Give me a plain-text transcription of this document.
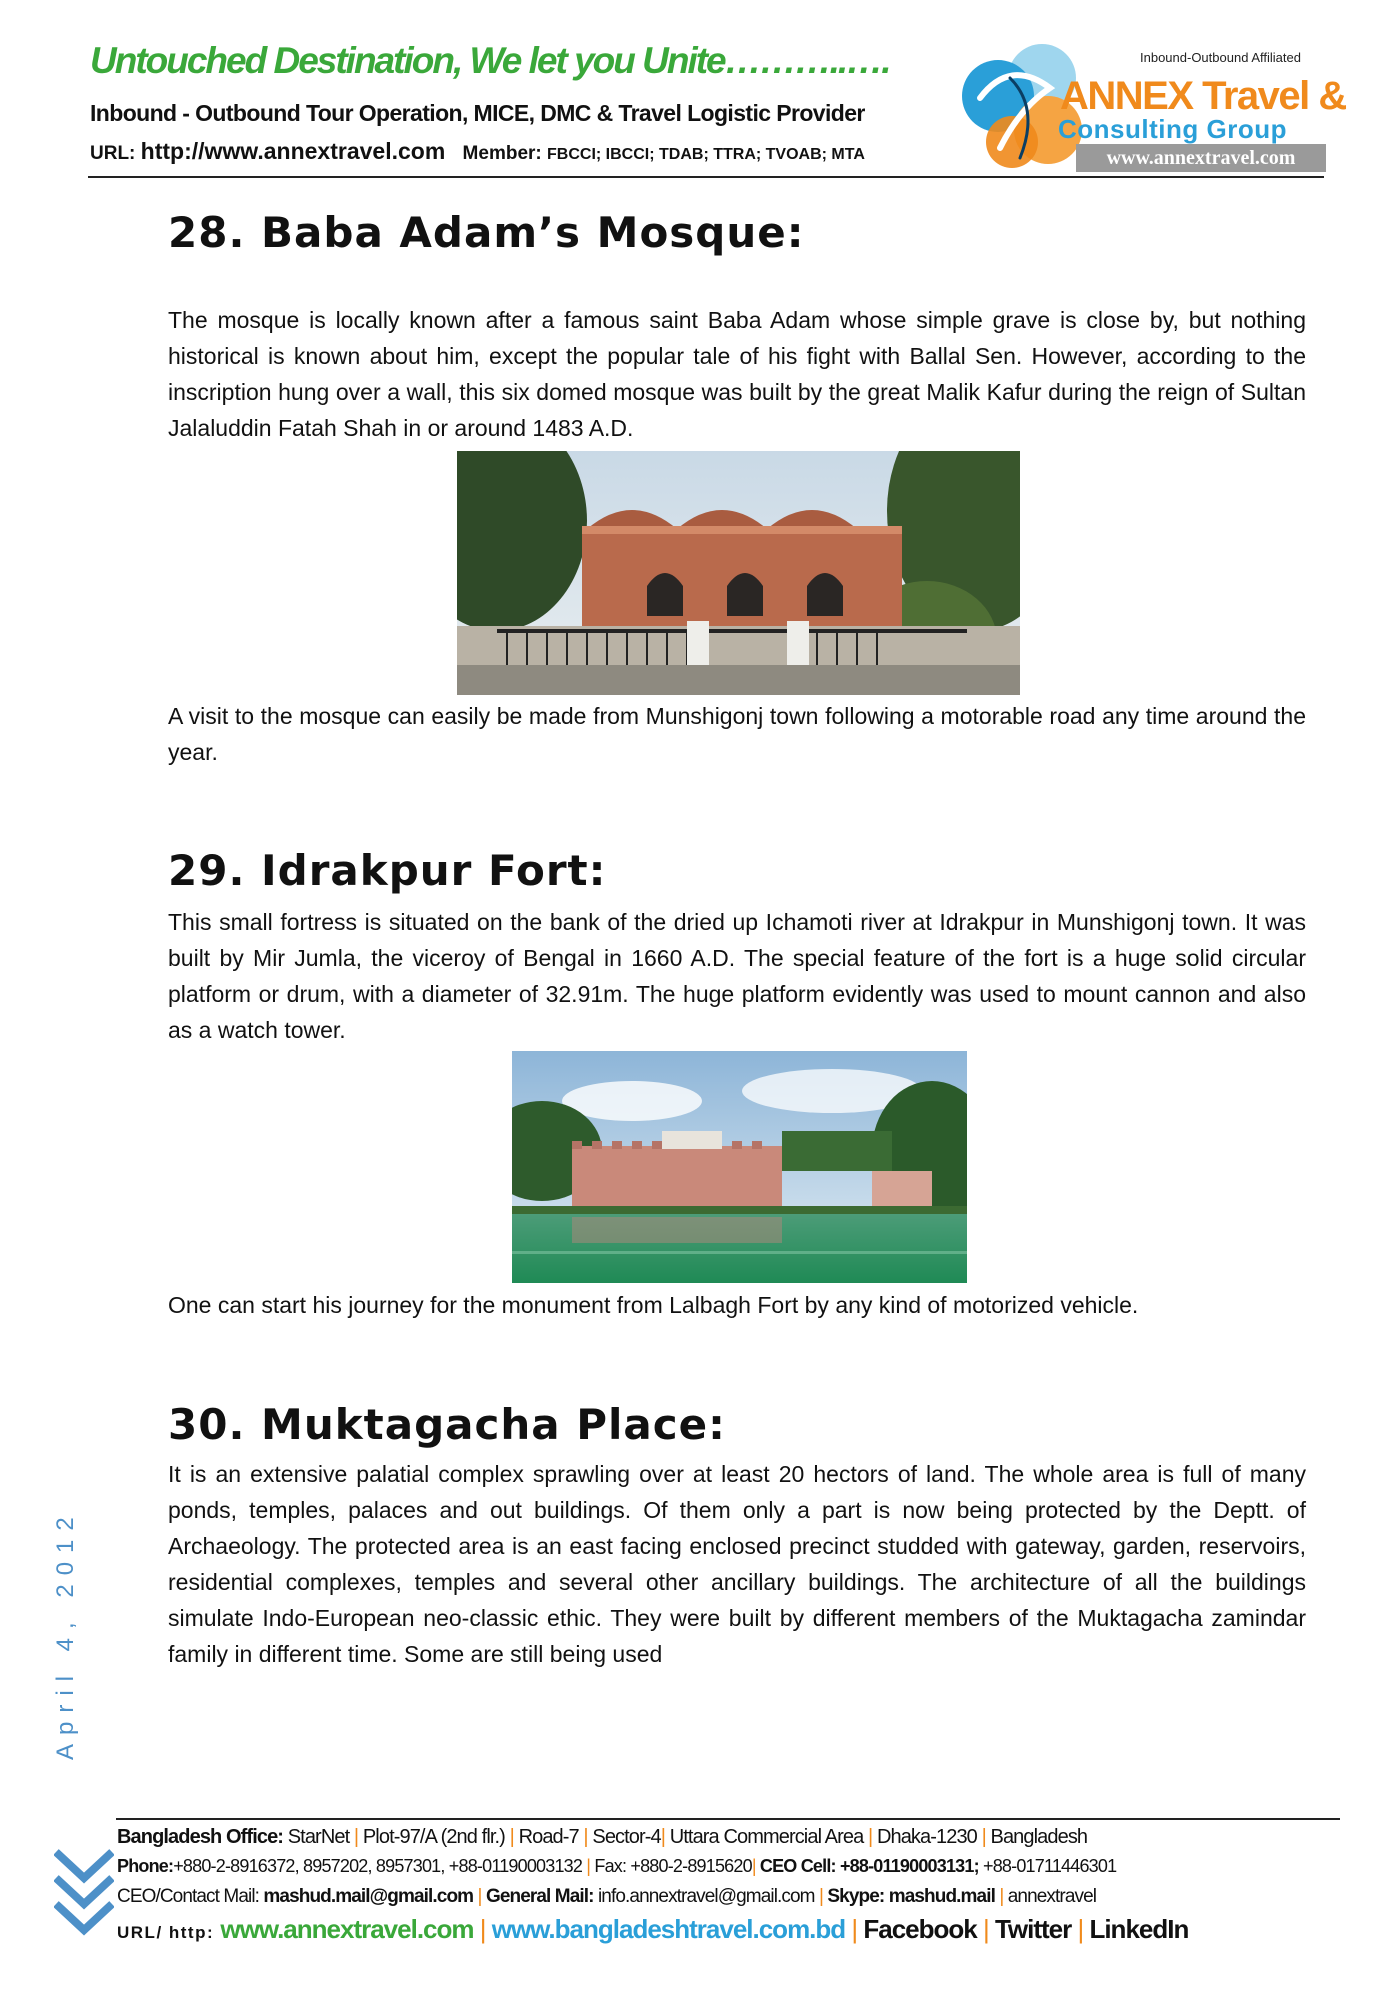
Untouched Destination, We let you Unite………..….
Inbound - Outbound Tour Operation, MICE, DMC & Travel Logistic Provider
URL: http://www.annextravel.com Member: FBCCI; IBCCI; TDAB; TTRA; TVOAB; MTA
Inbound-Outbound Affiliated
ANNEX Travel &
Consulting Group
www.annextravel.com
28. Baba Adam’s Mosque:

The mosque is locally known after a famous saint Baba Adam whose simple grave is close by, but nothing historical is known about him, except the popular tale of his fight with Ballal Sen. However, according to the inscription hung over a wall, this six domed mosque was built by the great Malik Kafur during the reign of Sultan Jalaluddin Fatah Shah in or around 1483 A.D.

A visit to the mosque can easily be made from Munshigonj town following a motorable road any time around the year.

29. Idrakpur Fort:

This small fortress is situated on the bank of the dried up Ichamoti river at Idrakpur in Munshigonj town. It was built by Mir Jumla, the viceroy of Bengal in 1660 A.D. The special feature of the fort is a huge solid circular platform or drum, with a diameter of 32.91m. The huge platform evidently was used to mount cannon and also as a watch tower.

One can start his journey for the monument from Lalbagh Fort by any kind of motorized vehicle.

30. Muktagacha Place:

It is an extensive palatial complex sprawling over at least 20 hectors of land. The whole area is full of many ponds, temples, palaces and out buildings. Of them only a part is now being protected by the Deptt. of Archaeology. The protected area is an east facing enclosed precinct studded with gateway, garden, reservoirs, residential complexes, temples and several other ancillary buildings. The architecture of all the buildings simulate Indo-European neo-classic ethic. They were built by different members of the Muktagacha zamindar family in different time. Some are still being used

April 4, 2012
Bangladesh Office: StarNet | Plot-97/A (2nd flr.) | Road-7 | Sector-4| Uttara Commercial Area | Dhaka-1230 | Bangladesh
Phone:+880-2-8916372, 8957202, 8957301, +88-01190003132 | Fax: +880-2-8915620| CEO Cell: +88-01190003131; +88-01711446301
CEO/Contact Mail: mashud.mail@gmail.com | General Mail: info.annextravel@gmail.com | Skype: mashud.mail | annextravel
URL/ http: www.annextravel.com | www.bangladeshtravel.com.bd | Facebook | Twitter | LinkedIn
